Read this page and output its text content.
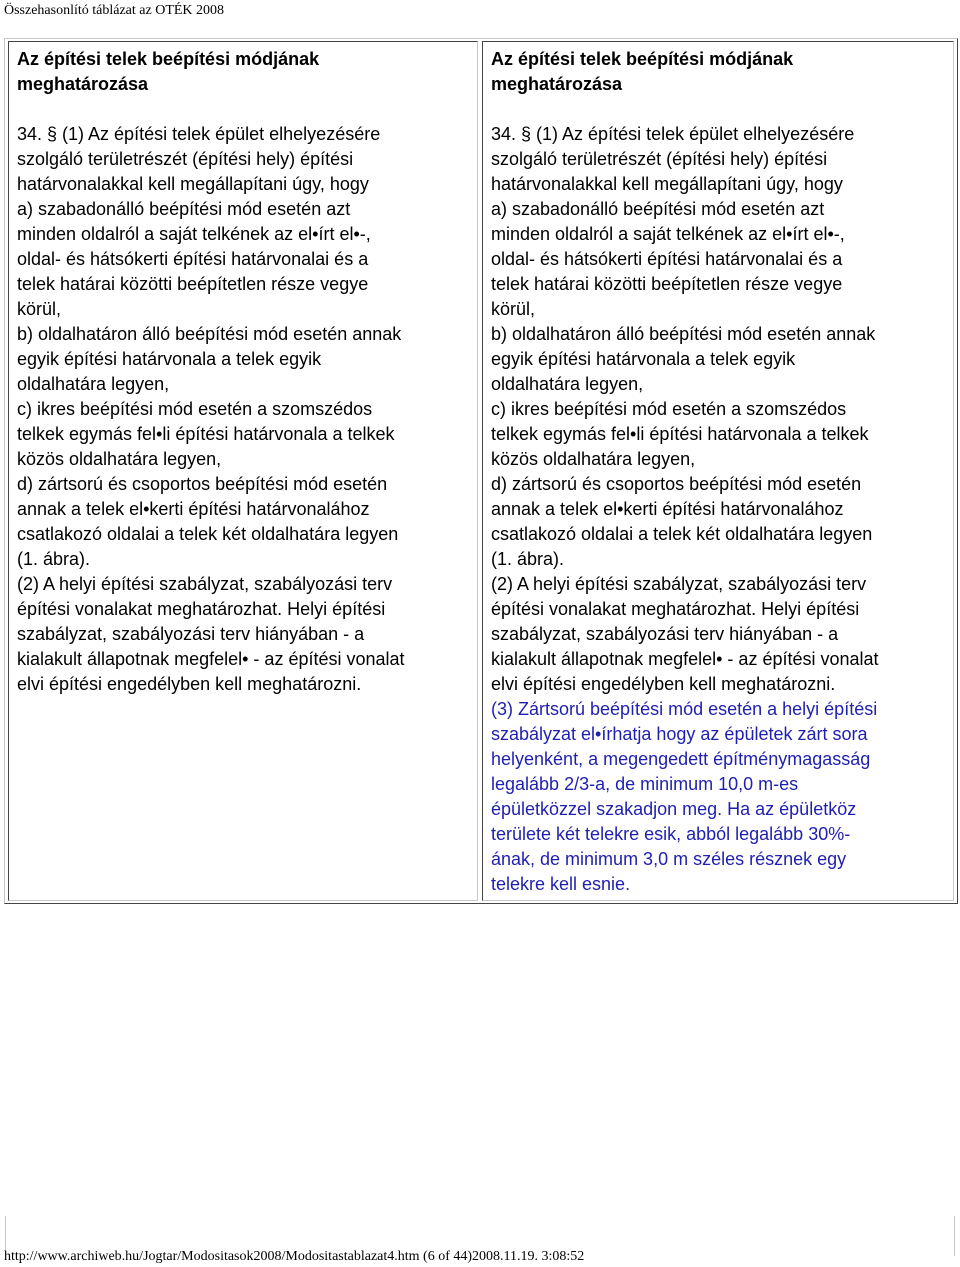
Összehasonlító táblázat az OTÉK 2008
Az építési telek beépítési módjának
meghatározása
34. § (1) Az építési telek épület elhelyezésére
szolgáló területrészét (építési hely) építési
határvonalakkal kell megállapítani úgy, hogy
a) szabadonálló beépítési mód esetén azt
minden oldalról a saját telkének az el•írt el•-,
oldal- és hátsókerti építési határvonalai és a
telek határai közötti beépítetlen része vegye
körül,
b) oldalhatáron álló beépítési mód esetén annak
egyik építési határvonala a telek egyik
oldalhatára legyen,
c) ikres beépítési mód esetén a szomszédos
telkek egymás fel•li építési határvonala a telkek
közös oldalhatára legyen,
d) zártsorú és csoportos beépítési mód esetén
annak a telek el•kerti építési határvonalához
csatlakozó oldalai a telek két oldalhatára legyen
(1. ábra).
(2) A helyi építési szabályzat, szabályozási terv
építési vonalakat meghatározhat. Helyi építési
szabályzat, szabályozási terv hiányában - a
kialakult állapotnak megfelel• - az építési vonalat
elvi építési engedélyben kell meghatározni.
Az építési telek beépítési módjának
meghatározása
34. § (1) Az építési telek épület elhelyezésére
szolgáló területrészét (építési hely) építési
határvonalakkal kell megállapítani úgy, hogy
a) szabadonálló beépítési mód esetén azt
minden oldalról a saját telkének az el•írt el•-,
oldal- és hátsókerti építési határvonalai és a
telek határai közötti beépítetlen része vegye
körül,
b) oldalhatáron álló beépítési mód esetén annak
egyik építési határvonala a telek egyik
oldalhatára legyen,
c) ikres beépítési mód esetén a szomszédos
telkek egymás fel•li építési határvonala a telkek
közös oldalhatára legyen,
d) zártsorú és csoportos beépítési mód esetén
annak a telek el•kerti építési határvonalához
csatlakozó oldalai a telek két oldalhatára legyen
(1. ábra).
(2) A helyi építési szabályzat, szabályozási terv
építési vonalakat meghatározhat. Helyi építési
szabályzat, szabályozási terv hiányában - a
kialakult állapotnak megfelel• - az építési vonalat
elvi építési engedélyben kell meghatározni.
(3) Zártsorú beépítési mód esetén a helyi építési
szabályzat el•írhatja hogy az épületek zárt sora
helyenként, a megengedett építménymagasság
legalább 2/3-a, de minimum 10,0 m-es
épületközzel szakadjon meg. Ha az épületköz
területe két telekre esik, abból legalább 30%-
ának, de minimum 3,0 m széles résznek egy
telekre kell esnie.
http://www.archiweb.hu/Jogtar/Modositasok2008/Modositastablazat4.htm (6 of 44)2008.11.19. 3:08:52
